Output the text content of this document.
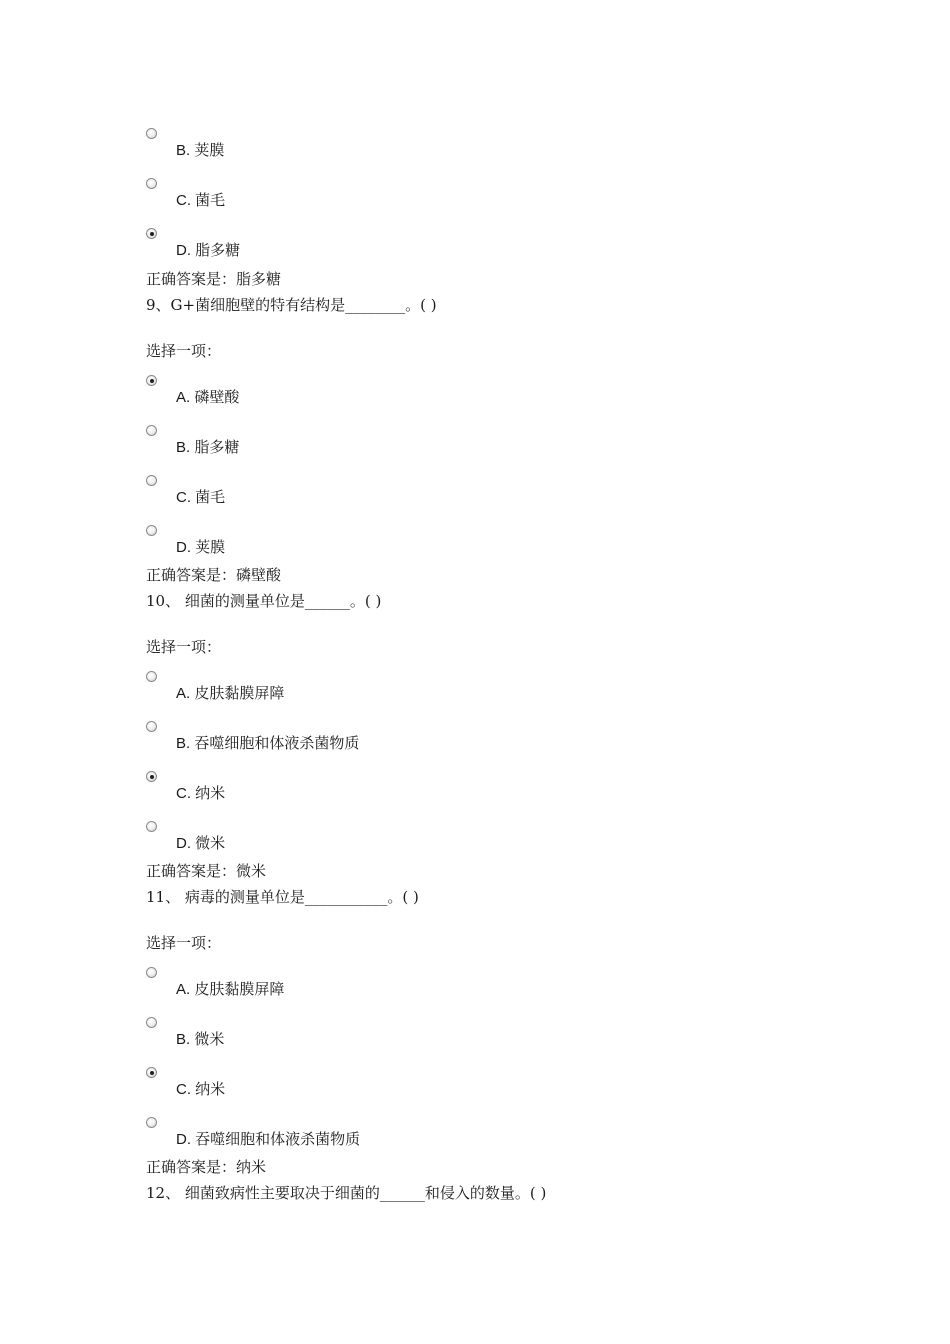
B. 荚膜
C. 菌毛
D. 脂多糖
正确答案是：脂多糖
9、G+菌细胞壁的特有结构是________。( )
选择一项：
A. 磷壁酸
B. 脂多糖
C. 菌毛
D. 荚膜
正确答案是：磷壁酸
10、 细菌的测量单位是______。( )
选择一项：
A. 皮肤黏膜屏障
B. 吞噬细胞和体液杀菌物质
C. 纳米
D. 微米
正确答案是：微米
11、 病毒的测量单位是___________。( )
选择一项：
A. 皮肤黏膜屏障
B. 微米
C. 纳米
D. 吞噬细胞和体液杀菌物质
正确答案是：纳米
12、 细菌致病性主要取决于细菌的______和侵入的数量。( )
